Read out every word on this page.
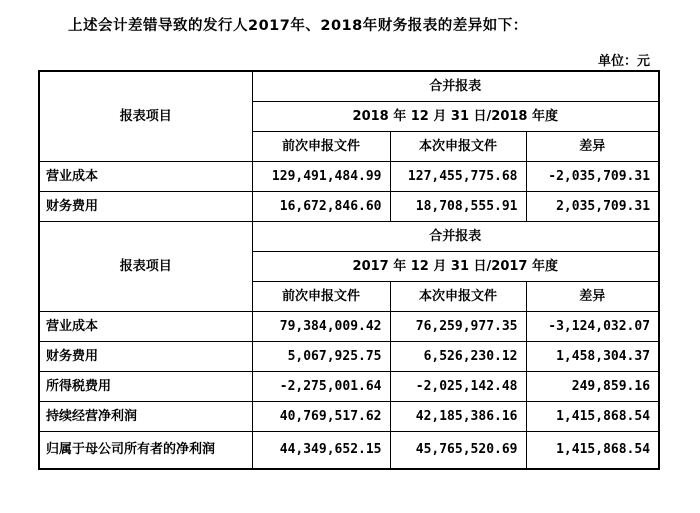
上述会计差错导致的发行人2017年、2018年财务报表的差异如下：
单位：元
报表项目	合并报表		
	2018 年 12 月 31 日/2018 年度		
	前次申报文件	本次申报文件	差异
营业成本	129,491,484.99	127,455,775.68	-2,035,709.31
财务费用	16,672,846.60	18,708,555.91	2,035,709.31
报表项目	合并报表		
	2017 年 12 月 31 日/2017 年度		
	前次申报文件	本次申报文件	差异
营业成本	79,384,009.42	76,259,977.35	-3,124,032.07
财务费用	5,067,925.75	6,526,230.12	1,458,304.37
所得税费用	-2,275,001.64	-2,025,142.48	249,859.16
持续经营净利润	40,769,517.62	42,185,386.16	1,415,868.54
归属于母公司所有者的净利润	44,349,652.15	45,765,520.69	1,415,868.54
